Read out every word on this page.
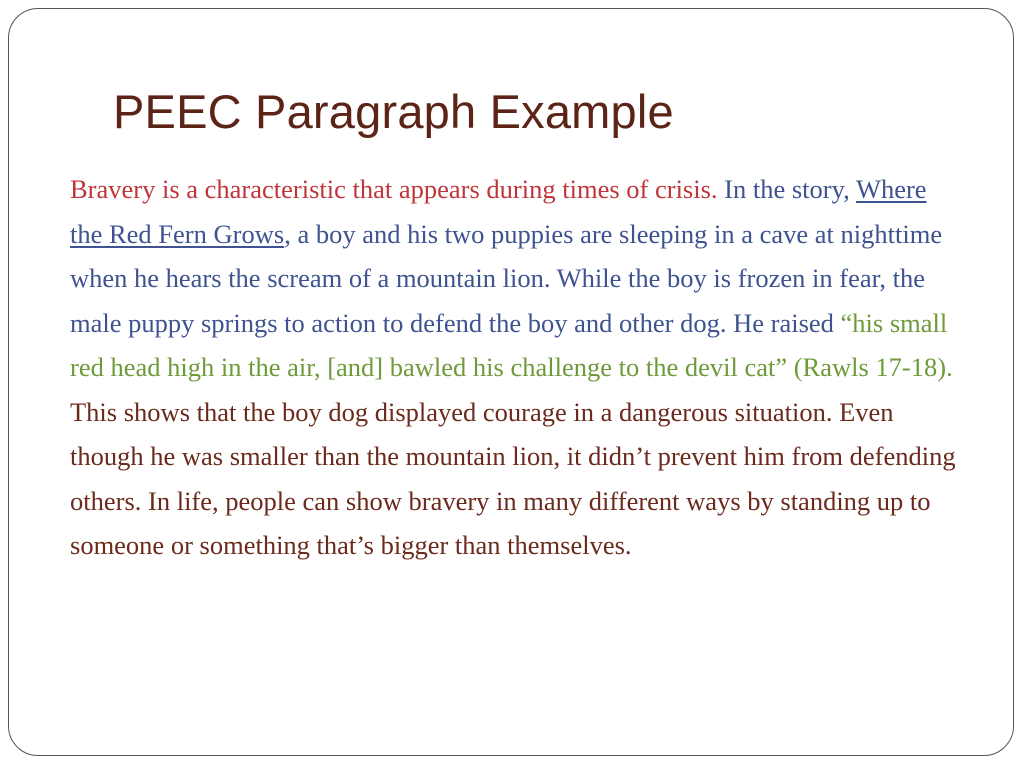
PEEC Paragraph Example

Bravery is a characteristic that appears during times of crisis. In the story, Where the Red Fern Grows, a boy and his two puppies are sleeping in a cave at nighttime when he hears the scream of a mountain lion. While the boy is frozen in fear, the male puppy springs to action to defend the boy and other dog. He raised “his small red head high in the air, [and] bawled his challenge to the devil cat” (Rawls 17-18). This shows that the boy dog displayed courage in a dangerous situation. Even though he was smaller than the mountain lion, it didn’t prevent him from defending others. In life, people can show bravery in many different ways by standing up to someone or something that’s bigger than themselves.
